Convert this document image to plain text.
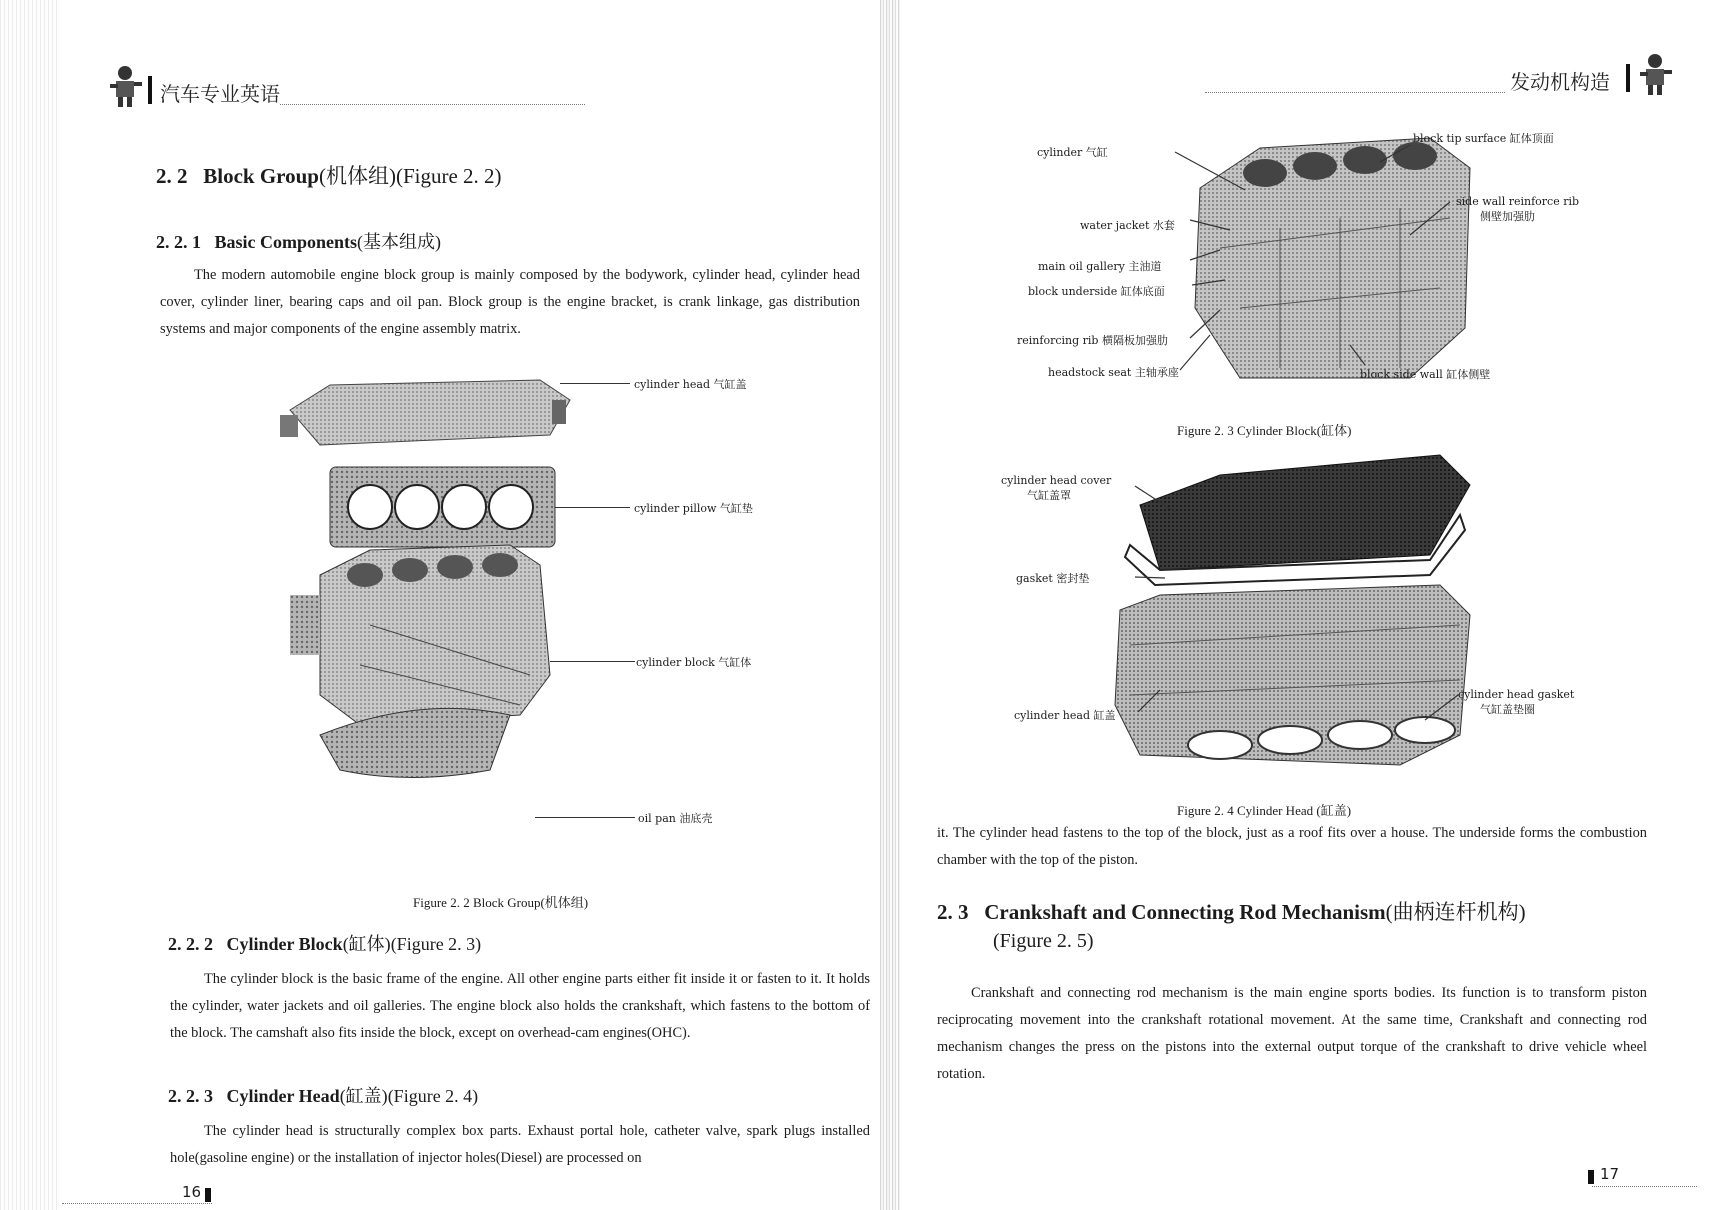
汽车专业英语
2. 2 Block Group(机体组)(Figure 2. 2)
2. 2. 1 Basic Components(基本组成)
The modern automobile engine block group is mainly composed by the bodywork, cylinder head, cylinder head cover, cylinder liner, bearing caps and oil pan. Block group is the engine bracket, is crank linkage, gas distribution systems and major components of the engine assembly matrix.
cylinder head 气缸盖
cylinder pillow 气缸垫
cylinder block 气缸体
oil pan 油底壳
Figure 2. 2 Block Group(机体组)
2. 2. 2 Cylinder Block(缸体)(Figure 2. 3)
The cylinder block is the basic frame of the engine. All other engine parts either fit inside it or fasten to it. It holds the cylinder, water jackets and oil galleries. The engine block also holds the crankshaft, which fastens to the bottom of the block. The camshaft also fits inside the block, except on overhead-cam engines(OHC).
2. 2. 3 Cylinder Head(缸盖)(Figure 2. 4)
The cylinder head is structurally complex box parts. Exhaust portal hole, catheter valve, spark plugs installed hole(gasoline engine) or the installation of injector holes(Diesel) are processed on
16
发动机构造
cylinder 气缸
block tip surface 缸体顶面
side wall reinforce rib
侧壁加强肋
water jacket 水套
main oil gallery 主油道
block underside 缸体底面
reinforcing rib 横隔板加强肋
headstock seat 主轴承座	block side wall 缸体侧壁
Figure 2. 3 Cylinder Block(缸体)
cylinder head cover
气缸盖罩
gasket 密封垫
cylinder head 缸盖
cylinder head gasket
气缸盖垫圈
Figure 2. 4 Cylinder Head (缸盖)
it. The cylinder head fastens to the top of the block, just as a roof fits over a house. The underside forms the combustion chamber with the top of the piston.
2. 3 Crankshaft and Connecting Rod Mechanism(曲柄连杆机构)
(Figure 2. 5)
Crankshaft and connecting rod mechanism is the main engine sports bodies. Its function is to transform piston reciprocating movement into the crankshaft rotational movement. At the same time, Crankshaft and connecting rod mechanism changes the press on the pistons into the external output torque of the crankshaft to drive vehicle wheel rotation.
17
